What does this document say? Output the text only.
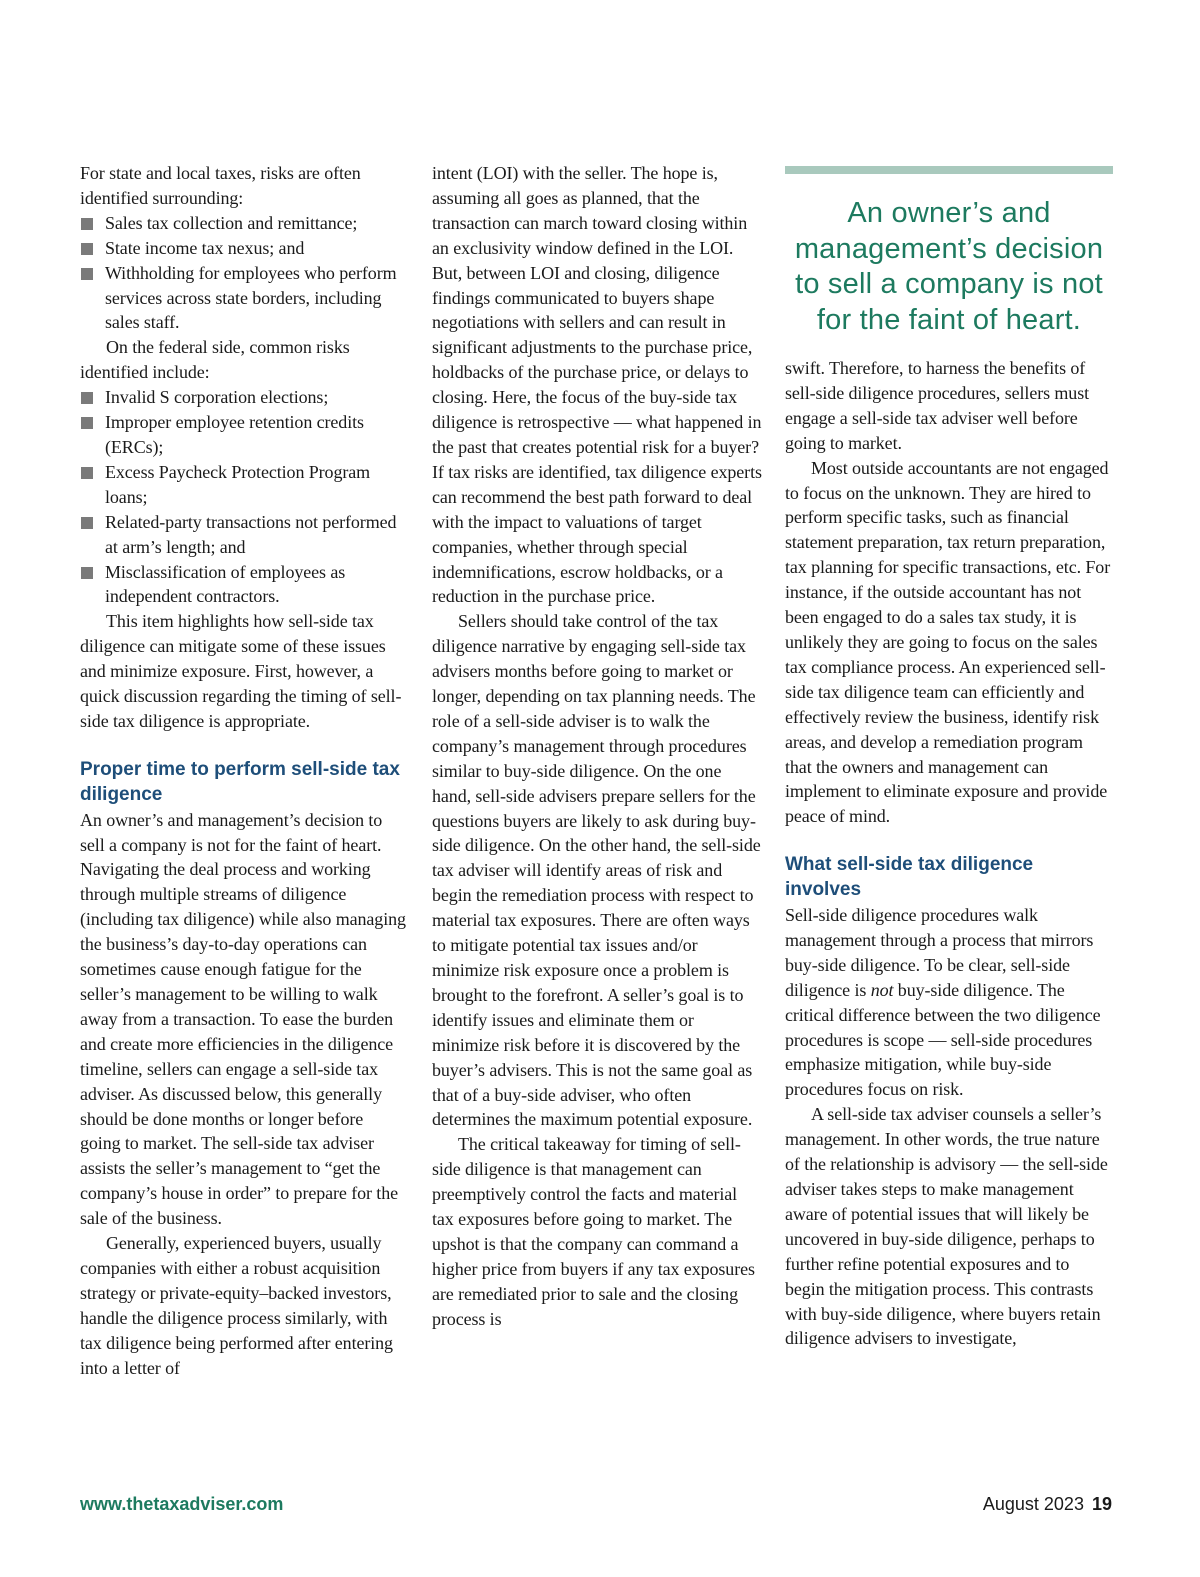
For state and local taxes, risks are often identified surrounding:

Sales tax collection and remittance;
State income tax nexus; and
Withholding for employees who perform services across state borders, including sales staff.

On the federal side, common risks identified include:

Invalid S corporation elections;
Improper employee retention credits (ERCs);
Excess Paycheck Protection Program loans;
Related-party transactions not performed at arm’s length; and
Misclassification of employees as independent contractors.

This item highlights how sell-side tax diligence can mitigate some of these issues and minimize exposure. First, however, a quick discussion regarding the timing of sell-side tax diligence is appropriate.

Proper time to perform sell-side tax diligence

An owner’s and management’s decision to sell a company is not for the faint of heart. Navigating the deal process and working through multiple streams of diligence (including tax diligence) while also managing the business’s day-to-day operations can sometimes cause enough fatigue for the seller’s management to be willing to walk away from a transaction. To ease the burden and create more efficiencies in the diligence timeline, sellers can engage a sell-side tax adviser. As discussed below, this generally should be done months or longer before going to market. The sell-side tax adviser assists the seller’s management to “get the company’s house in order” to prepare for the sale of the business.

Generally, experienced buyers, usually companies with either a robust acquisition strategy or private-equity–backed investors, handle the diligence process similarly, with tax diligence being performed after entering into a letter of

intent (LOI) with the seller. The hope is, assuming all goes as planned, that the transaction can march toward closing within an exclusivity window defined in the LOI. But, between LOI and closing, diligence findings communicated to buyers shape negotiations with sellers and can result in significant adjustments to the purchase price, holdbacks of the purchase price, or delays to closing. Here, the focus of the buy-side tax diligence is retrospective — what happened in the past that creates potential risk for a buyer? If tax risks are identified, tax diligence experts can recommend the best path forward to deal with the impact to valuations of target companies, whether through special indemnifications, escrow holdbacks, or a reduction in the purchase price.

Sellers should take control of the tax diligence narrative by engaging sell-side tax advisers months before going to market or longer, depending on tax planning needs. The role of a sell-side adviser is to walk the company’s management through procedures similar to buy-side diligence. On the one hand, sell-side advisers prepare sellers for the questions buyers are likely to ask during buy-side diligence. On the other hand, the sell-side tax adviser will identify areas of risk and begin the remediation process with respect to material tax exposures. There are often ways to mitigate potential tax issues and/or minimize risk exposure once a problem is brought to the forefront. A seller’s goal is to identify issues and eliminate them or minimize risk before it is discovered by the buyer’s advisers. This is not the same goal as that of a buy-side adviser, who often determines the maximum potential exposure.

The critical takeaway for timing of sell-side diligence is that management can preemptively control the facts and material tax exposures before going to market. The upshot is that the company can command a higher price from buyers if any tax exposures are remediated prior to sale and the closing process is

An owner’s and management’s decision to sell a company is not for the faint of heart.

swift. Therefore, to harness the benefits of sell-side diligence procedures, sellers must engage a sell-side tax adviser well before going to market.

Most outside accountants are not engaged to focus on the unknown. They are hired to perform specific tasks, such as financial statement preparation, tax return preparation, tax planning for specific transactions, etc. For instance, if the outside accountant has not been engaged to do a sales tax study, it is unlikely they are going to focus on the sales tax compliance process. An experienced sell-side tax diligence team can efficiently and effectively review the business, identify risk areas, and develop a remediation program that the owners and management can implement to eliminate exposure and provide peace of mind.

What sell-side tax diligence involves

Sell-side diligence procedures walk management through a process that mirrors buy-side diligence. To be clear, sell-side diligence is not buy-side diligence. The critical difference between the two diligence procedures is scope — sell-side procedures emphasize mitigation, while buy-side procedures focus on risk.

A sell-side tax adviser counsels a seller’s management. In other words, the true nature of the relationship is advisory — the sell-side adviser takes steps to make management aware of potential issues that will likely be uncovered in buy-side diligence, perhaps to further refine potential exposures and to begin the mitigation process. This contrasts with buy-side diligence, where buyers retain diligence advisers to investigate,

www.thetaxadviser.com	August 2023 19
